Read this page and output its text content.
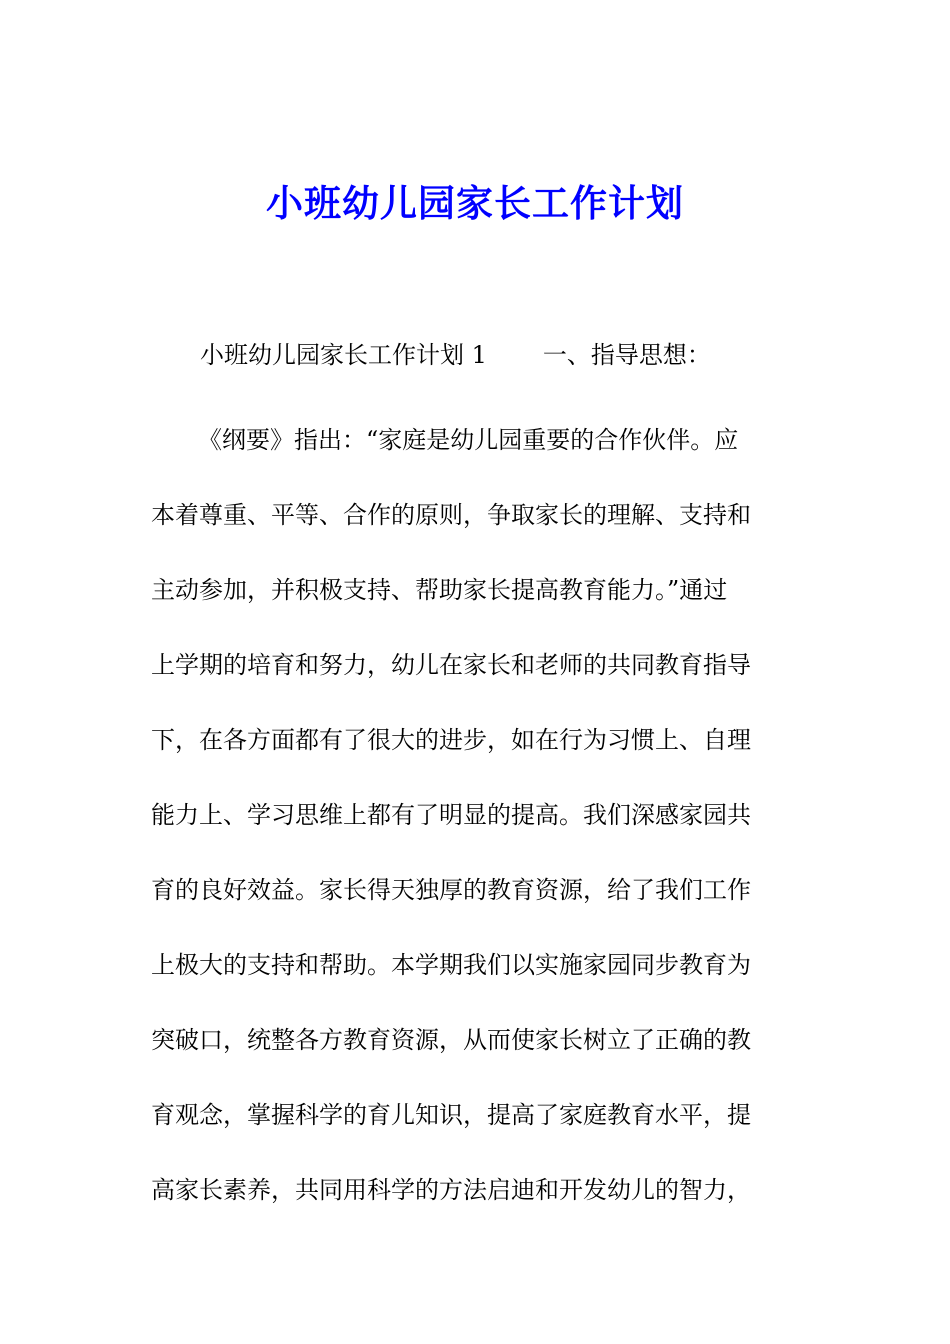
小班幼儿园家长工作计划
小班幼儿园家长工作计划 1 一、指导思想：
《纲要》指出：“家庭是幼儿园重要的合作伙伴。应
本着尊重、平等、合作的原则，争取家长的理解、支持和
主动参加，并积极支持、帮助家长提高教育能力。”通过
上学期的培育和努力，幼儿在家长和老师的共同教育指导
下，在各方面都有了很大的进步，如在行为习惯上、自理
能力上、学习思维上都有了明显的提高。我们深感家园共
育的良好效益。家长得天独厚的教育资源，给了我们工作
上极大的支持和帮助。本学期我们以实施家园同步教育为
突破口，统整各方教育资源，从而使家长树立了正确的教
育观念，掌握科学的育儿知识，提高了家庭教育水平，提
高家长素养，共同用科学的方法启迪和开发幼儿的智力，
